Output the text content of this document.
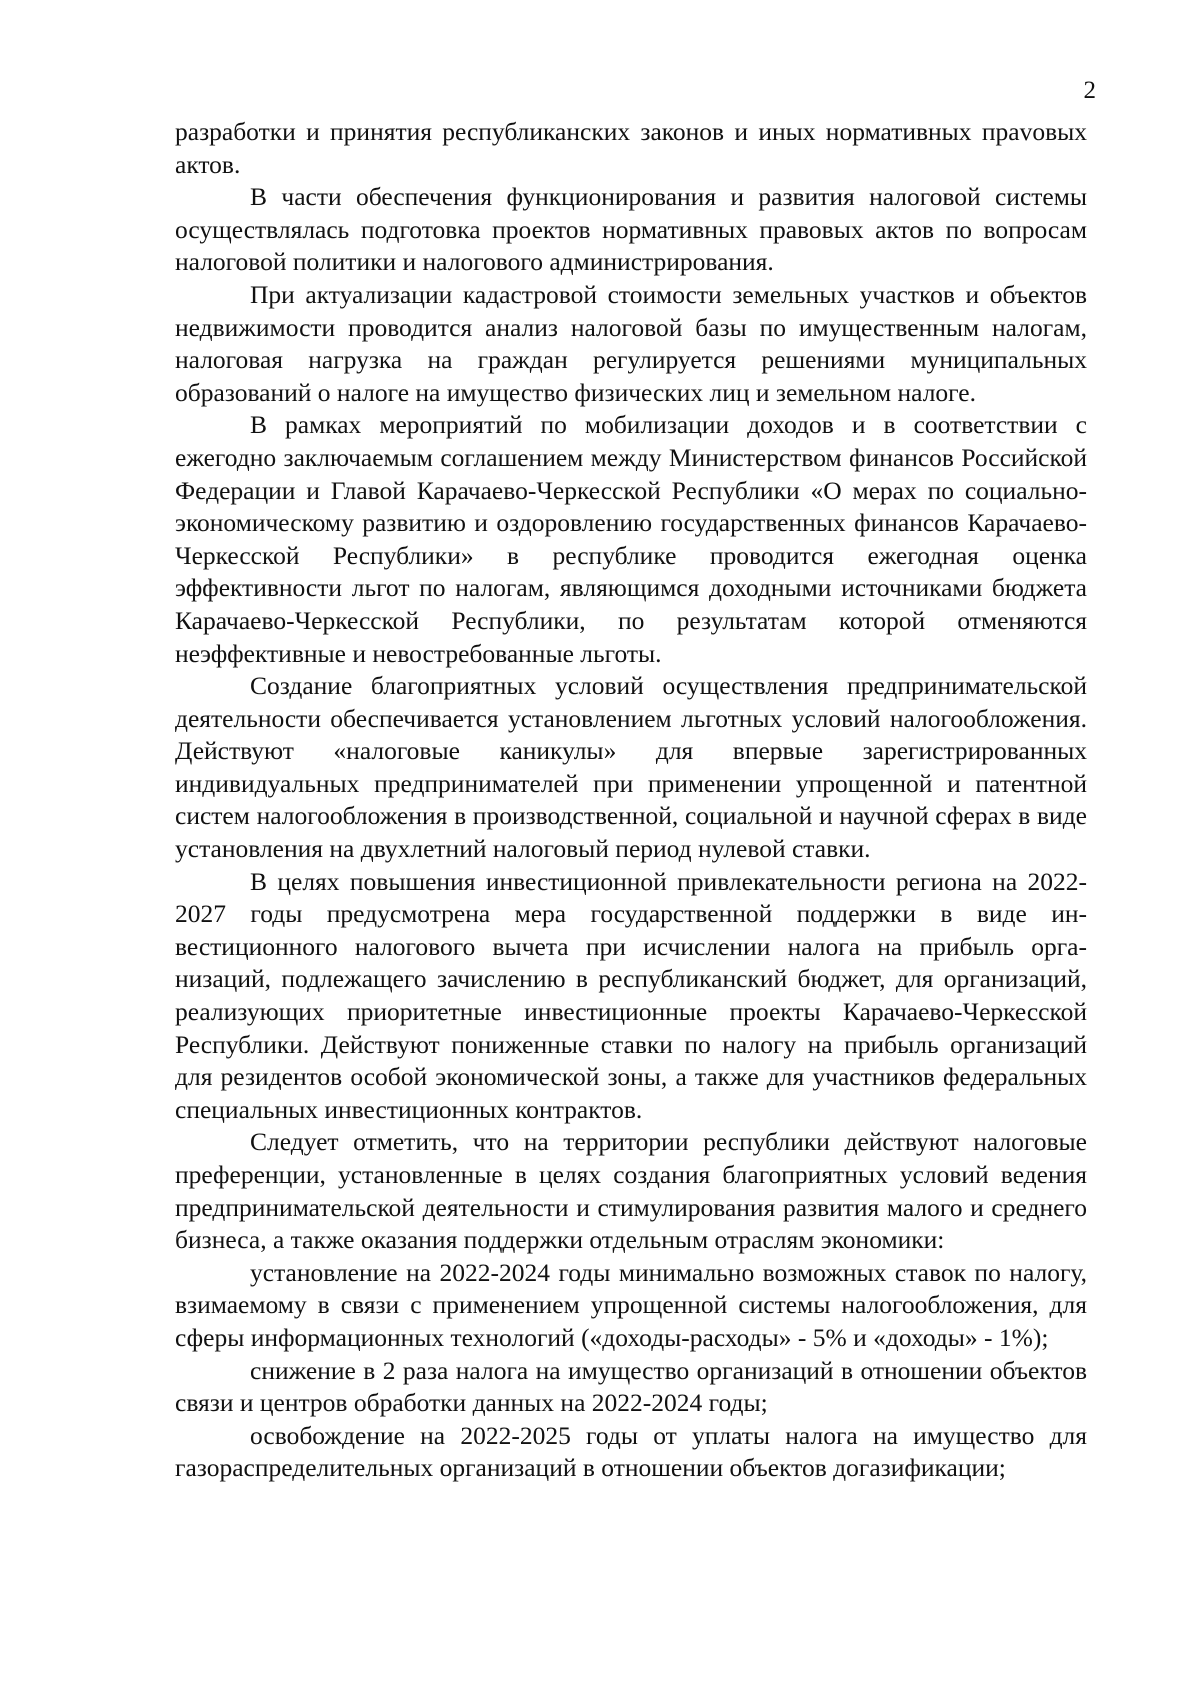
2

разработки и принятия республиканских законов и иных нормативных праvовых актов.

В части обеспечения функционирования и развития налоговой системы осуществлялась подготовка проектов нормативных правовых актов по вопросам налоговой политики и налогового администрирования.

При актуализации кадастровой стоимости земельных участков и объектов недвижимости проводится анализ налоговой базы по имущественным налогам, налоговая нагрузка на граждан регулируется решениями муниципальных образований о налоге на имущество физических лиц и земельном налоге.

В рамках мероприятий по мобилизации доходов и в соответствии с ежегодно заключаемым соглашением между Министерством финансов Российской Федерации и Главой Карачаево-Черкесской Республики «О мерах по социально-экономическому развитию и оздоровлению государственных финансов Карачаево-Черкесской Республики» в республике проводится ежегодная оценка эффективности льгот по налогам, являющимся доходными источниками бюджета Карачаево-Черкесской Республики, по результатам которой отменяются неэффективные и невостребованные льготы.

Создание благоприятных условий осуществления предпринимательской деятельности обеспечивается установлением льготных условий налогообложения. Действуют «налоговые каникулы» для впервые зарегистрированных индивидуальных предпринимателей при применении упрощенной и патентной систем налогообложения в производственной, социальной и научной сферах в виде установления на двухлетний налоговый период нулевой ставки.

В целях повышения инвестиционной привлекательности региона на 2022-2027 годы предусмотрена мера государственной поддержки в виде инвестиционного налогового вычета при исчислении налога на прибыль организаций, подлежащего зачислению в республиканский бюджет, для организаций, реализующих приоритетные инвестиционные проекты Карачаево-Черкесской Республики. Действуют пониженные ставки по налогу на прибыль организаций для резидентов особой экономической зоны, а также для участников федеральных специальных инвестиционных контрактов.

Следует отметить, что на территории республики действуют налоговые преференции, установленные в целях создания благоприятных условий ведения предпринимательской деятельности и стимулирования развития малого и среднего бизнеса, а также оказания поддержки отдельным отраслям экономики:

установление на 2022-2024 годы минимально возможных ставок по налогу, взимаемому в связи с применением упрощенной системы налогообложения, для сферы информационных технологий («доходы-расходы» - 5% и «доходы» - 1%);

снижение в 2 раза налога на имущество организаций в отношении объектов связи и центров обработки данных на 2022-2024 годы;

освобождение на 2022-2025 годы от уплаты налога на имущество для газораспределительных организаций в отношении объектов догазификации;
